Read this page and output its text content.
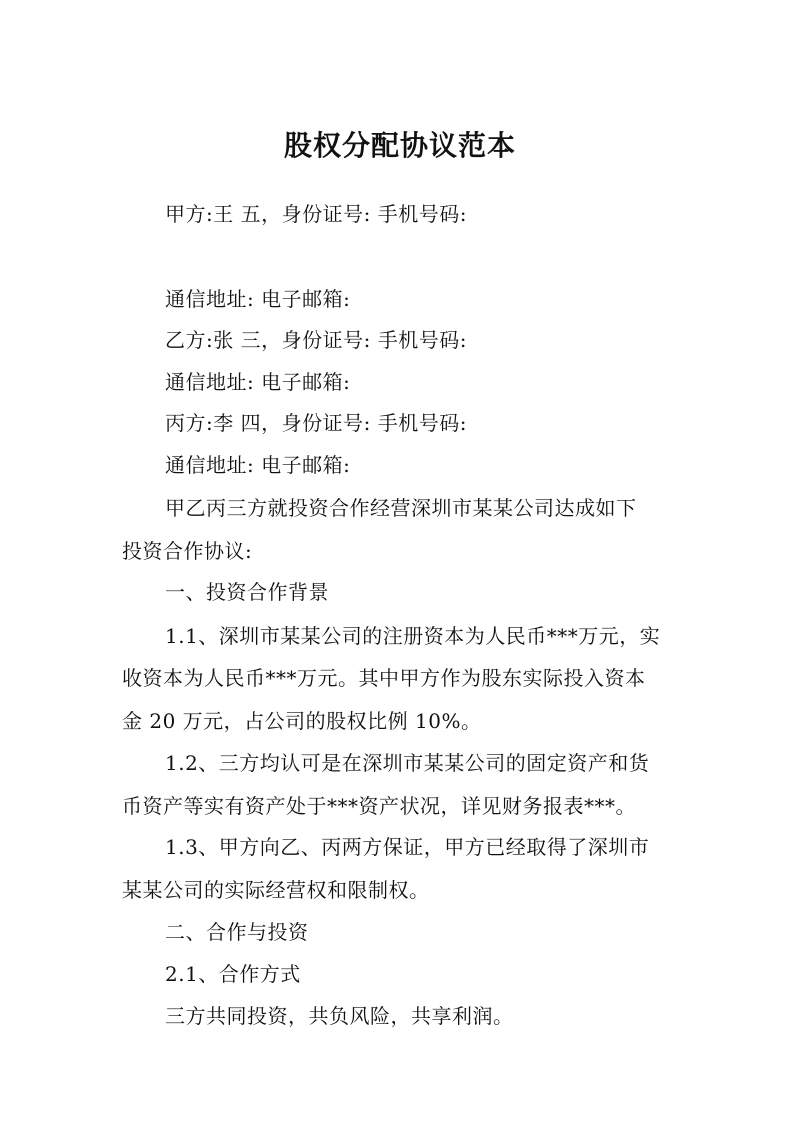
股权分配协议范本
甲方:王 五，身份证号: 手机号码:
通信地址: 电子邮箱:
乙方:张 三，身份证号: 手机号码:
通信地址: 电子邮箱:
丙方:李 四，身份证号: 手机号码:
通信地址: 电子邮箱:
甲乙丙三方就投资合作经营深圳市某某公司达成如下
投资合作协议:
一、投资合作背景
1.1、深圳市某某公司的注册资本为人民币***万元，实
收资本为人民币***万元。其中甲方作为股东实际投入资本
金 20 万元，占公司的股权比例 10%。
1.2、三方均认可是在深圳市某某公司的固定资产和货
币资产等实有资产处于***资产状况，详见财务报表***。
1.3、甲方向乙、丙两方保证，甲方已经取得了深圳市
某某公司的实际经营权和限制权。
二、合作与投资
2.1、合作方式
三方共同投资，共负风险，共享利润。
